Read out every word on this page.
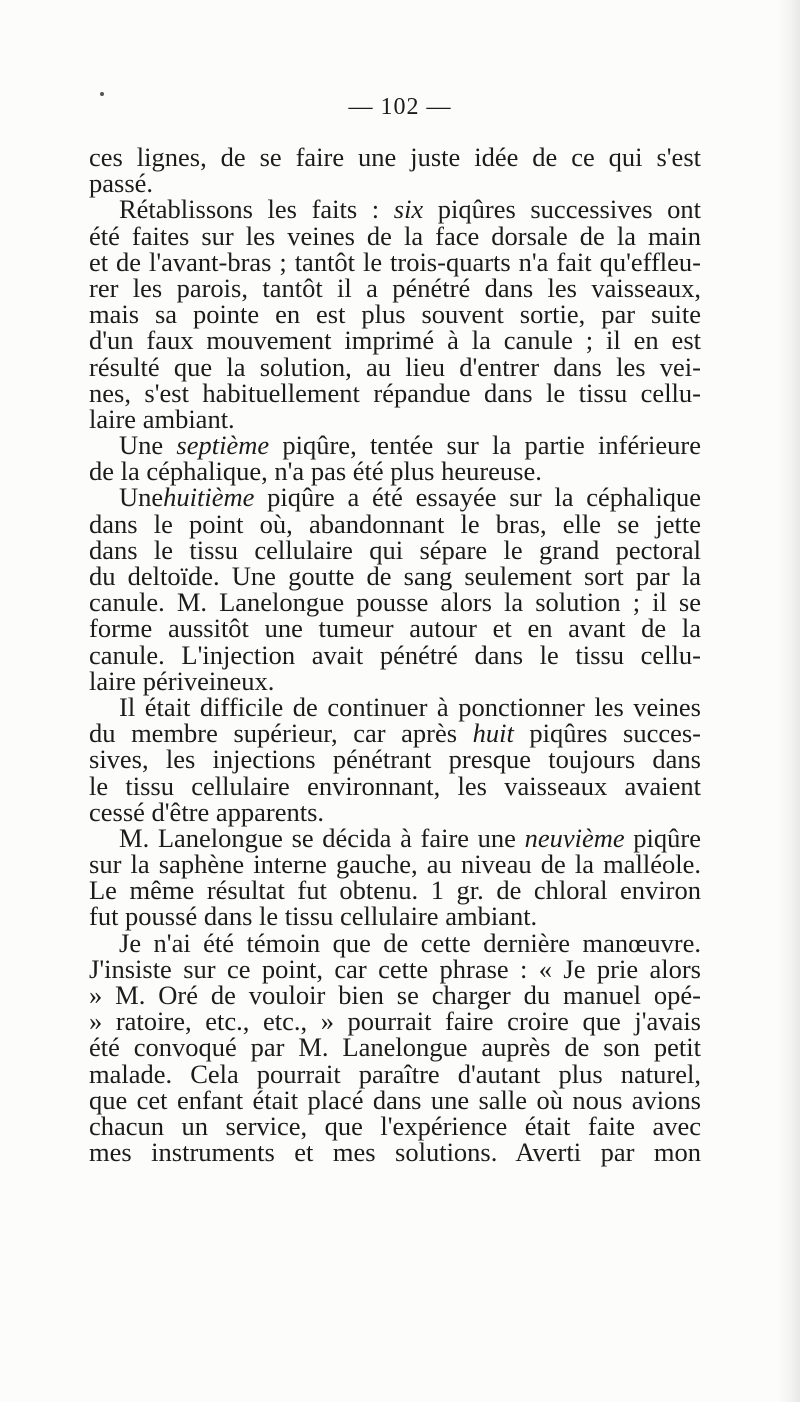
— 102 —
ces lignes, de se faire une juste idée de ce qui s'est
passé.
Rétablissons les faits : six piqûres successives ont
été faites sur les veines de la face dorsale de la main
et de l'avant-bras ; tantôt le trois-quarts n'a fait qu'effleu-
rer les parois, tantôt il a pénétré dans les vaisseaux,
mais sa pointe en est plus souvent sortie, par suite
d'un faux mouvement imprimé à la canule ; il en est
résulté que la solution, au lieu d'entrer dans les vei-
nes, s'est habituellement répandue dans le tissu cellu-
laire ambiant.
Une septième piqûre, tentée sur la partie inférieure
de la céphalique, n'a pas été plus heureuse.
Unehuitième piqûre a été essayée sur la céphalique
dans le point où, abandonnant le bras, elle se jette
dans le tissu cellulaire qui sépare le grand pectoral
du deltoïde. Une goutte de sang seulement sort par la
canule. M. Lanelongue pousse alors la solution ; il se
forme aussitôt une tumeur autour et en avant de la
canule. L'injection avait pénétré dans le tissu cellu-
laire périveineux.
Il était difficile de continuer à ponctionner les veines
du membre supérieur, car après huit piqûres succes-
sives, les injections pénétrant presque toujours dans
le tissu cellulaire environnant, les vaisseaux avaient
cessé d'être apparents.
M. Lanelongue se décida à faire une neuvième piqûre
sur la saphène interne gauche, au niveau de la malléole.
Le même résultat fut obtenu. 1 gr. de chloral environ
fut poussé dans le tissu cellulaire ambiant.
Je n'ai été témoin que de cette dernière manœuvre.
J'insiste sur ce point, car cette phrase : « Je prie alors
» M. Oré de vouloir bien se charger du manuel opé-
» ratoire, etc., etc., » pourrait faire croire que j'avais
été convoqué par M. Lanelongue auprès de son petit
malade. Cela pourrait paraître d'autant plus naturel,
que cet enfant était placé dans une salle où nous avions
chacun un service, que l'expérience était faite avec
mes instruments et mes solutions. Averti par mon
